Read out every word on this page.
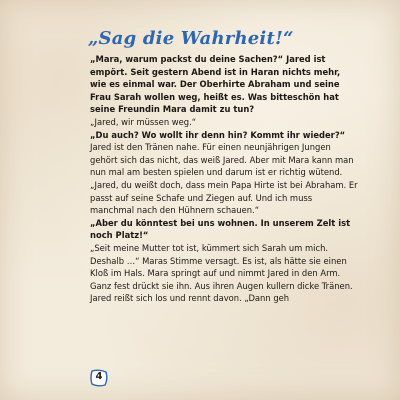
„Sag die Wahrheit!“

„Mara, warum packst du deine Sachen?“ Jared ist empört. Seit gestern Abend ist in Haran nichts mehr, wie es einmal war. Der Oberhirte Abraham und seine Frau Sarah wollen weg, heißt es. Was bitteschön hat seine Freundin Mara damit zu tun?

„Jared, wir müssen weg.“

„Du auch? Wo wollt ihr denn hin? Kommt ihr wieder?“

Jared ist den Tränen nahe. Für einen neunjährigen Jungen gehört sich das nicht, das weiß Jared. Aber mit Mara kann man nun mal am besten spielen und darum ist er richtig wütend.

„Jared, du weißt doch, dass mein Papa Hirte ist bei Abraham. Er passt auf seine Schafe und Ziegen auf. Und ich muss manchmal nach den Hühnern schauen.“

„Aber du könntest bei uns wohnen. In unserem Zelt ist noch Platz!“

„Seit meine Mutter tot ist, kümmert sich Sarah um mich. Deshalb …“ Maras Stimme versagt. Es ist, als hätte sie einen Kloß im Hals. Mara springt auf und nimmt Jared in den Arm. Ganz fest drückt sie ihn. Aus ihren Augen kullern dicke Tränen.

Jared reißt sich los und rennt davon. „Dann geh

4
